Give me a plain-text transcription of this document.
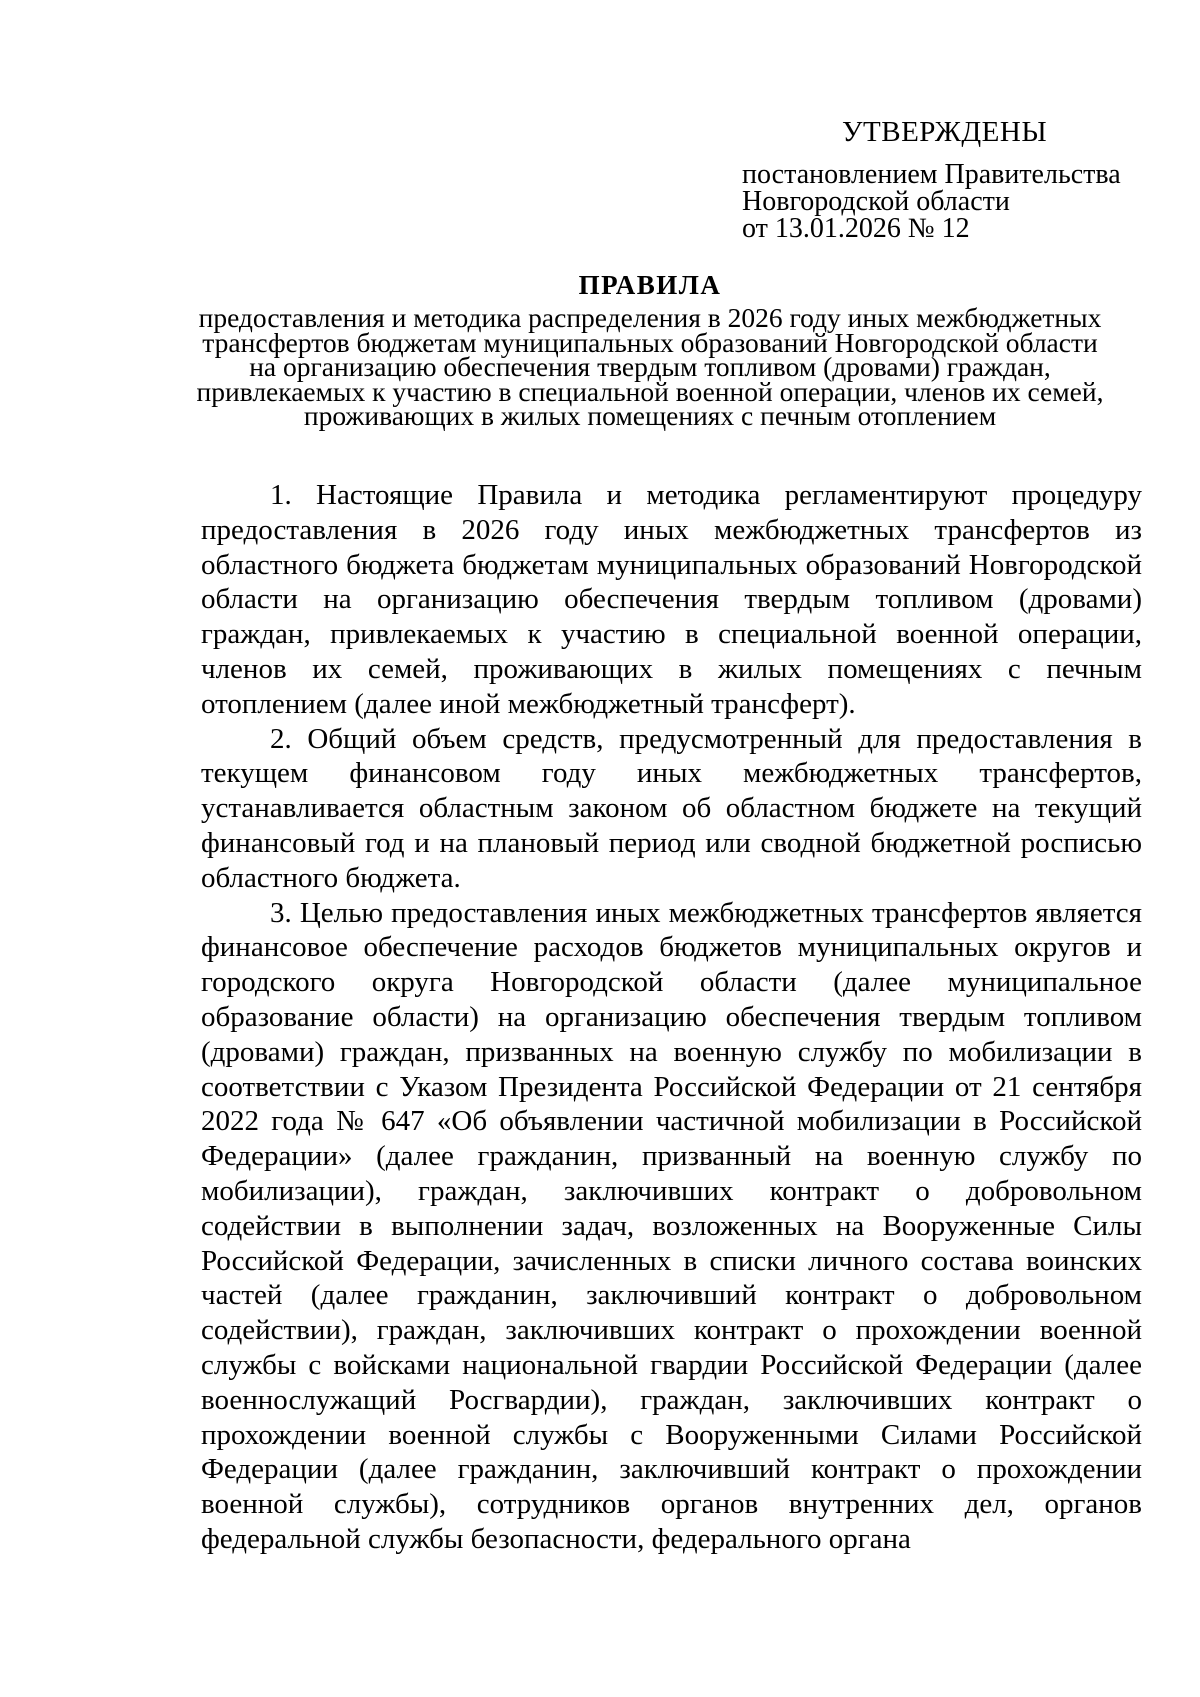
УТВЕРЖДЕНЫ
постановлением Правительства
Новгородской области
от 13.01.2026 № 12
ПРАВИЛА
предоставления и методика распределения в 2026 году иных межбюджетных
трансфертов бюджетам муниципальных образований Новгородской области
на организацию обеспечения твердым топливом (дровами) граждан,
привлекаемых к участию в специальной военной операции, членов их семей,
проживающих в жилых помещениях с печным отоплением

1. Настоящие Правила и методика регламентируют процедуру предоставления в 2026 году иных межбюджетных трансфертов из областного бюджета бюджетам муниципальных образований Новгородской области на организацию обеспечения твердым топливом (дровами) граждан, привлекаемых к участию в специальной военной операции, членов их семей, проживающих в жилых помещениях с печным отоплением (далее иной межбюджетный трансферт).

2. Общий объем средств, предусмотренный для предоставления в текущем финансовом году иных межбюджетных трансфертов, устанавливается областным законом об областном бюджете на текущий финансовый год и на плановый период или сводной бюджетной росписью областного бюджета.

3. Целью предоставления иных межбюджетных трансфертов является финансовое обеспечение расходов бюджетов муниципальных округов и городского округа Новгородской области (далее муниципальное образование области) на организацию обеспечения твердым топливом (дровами) граждан, призванных на военную службу по мобилизации в соответствии с Указом Президента Российской Федерации от 21 сентября 2022 года № 647 «Об объявлении частичной мобилизации в Российской Федерации» (далее гражданин, призванный на военную службу по мобилизации), граждан, заключивших контракт о добровольном содействии в выполнении задач, возложенных на Вооруженные Силы Российской Федерации, зачисленных в списки личного состава воинских частей (далее гражданин, заключивший контракт о добровольном содействии), граждан, заключивших контракт о прохождении военной службы с войсками национальной гвардии Российской Федерации (далее военнослужащий Росгвардии), граждан, заключивших контракт о прохождении военной службы с Вооруженными Силами Российской Федерации (далее гражданин, заключивший контракт о прохождении военной службы), сотрудников органов внутренних дел, органов федеральной службы безопасности, федерального органа
